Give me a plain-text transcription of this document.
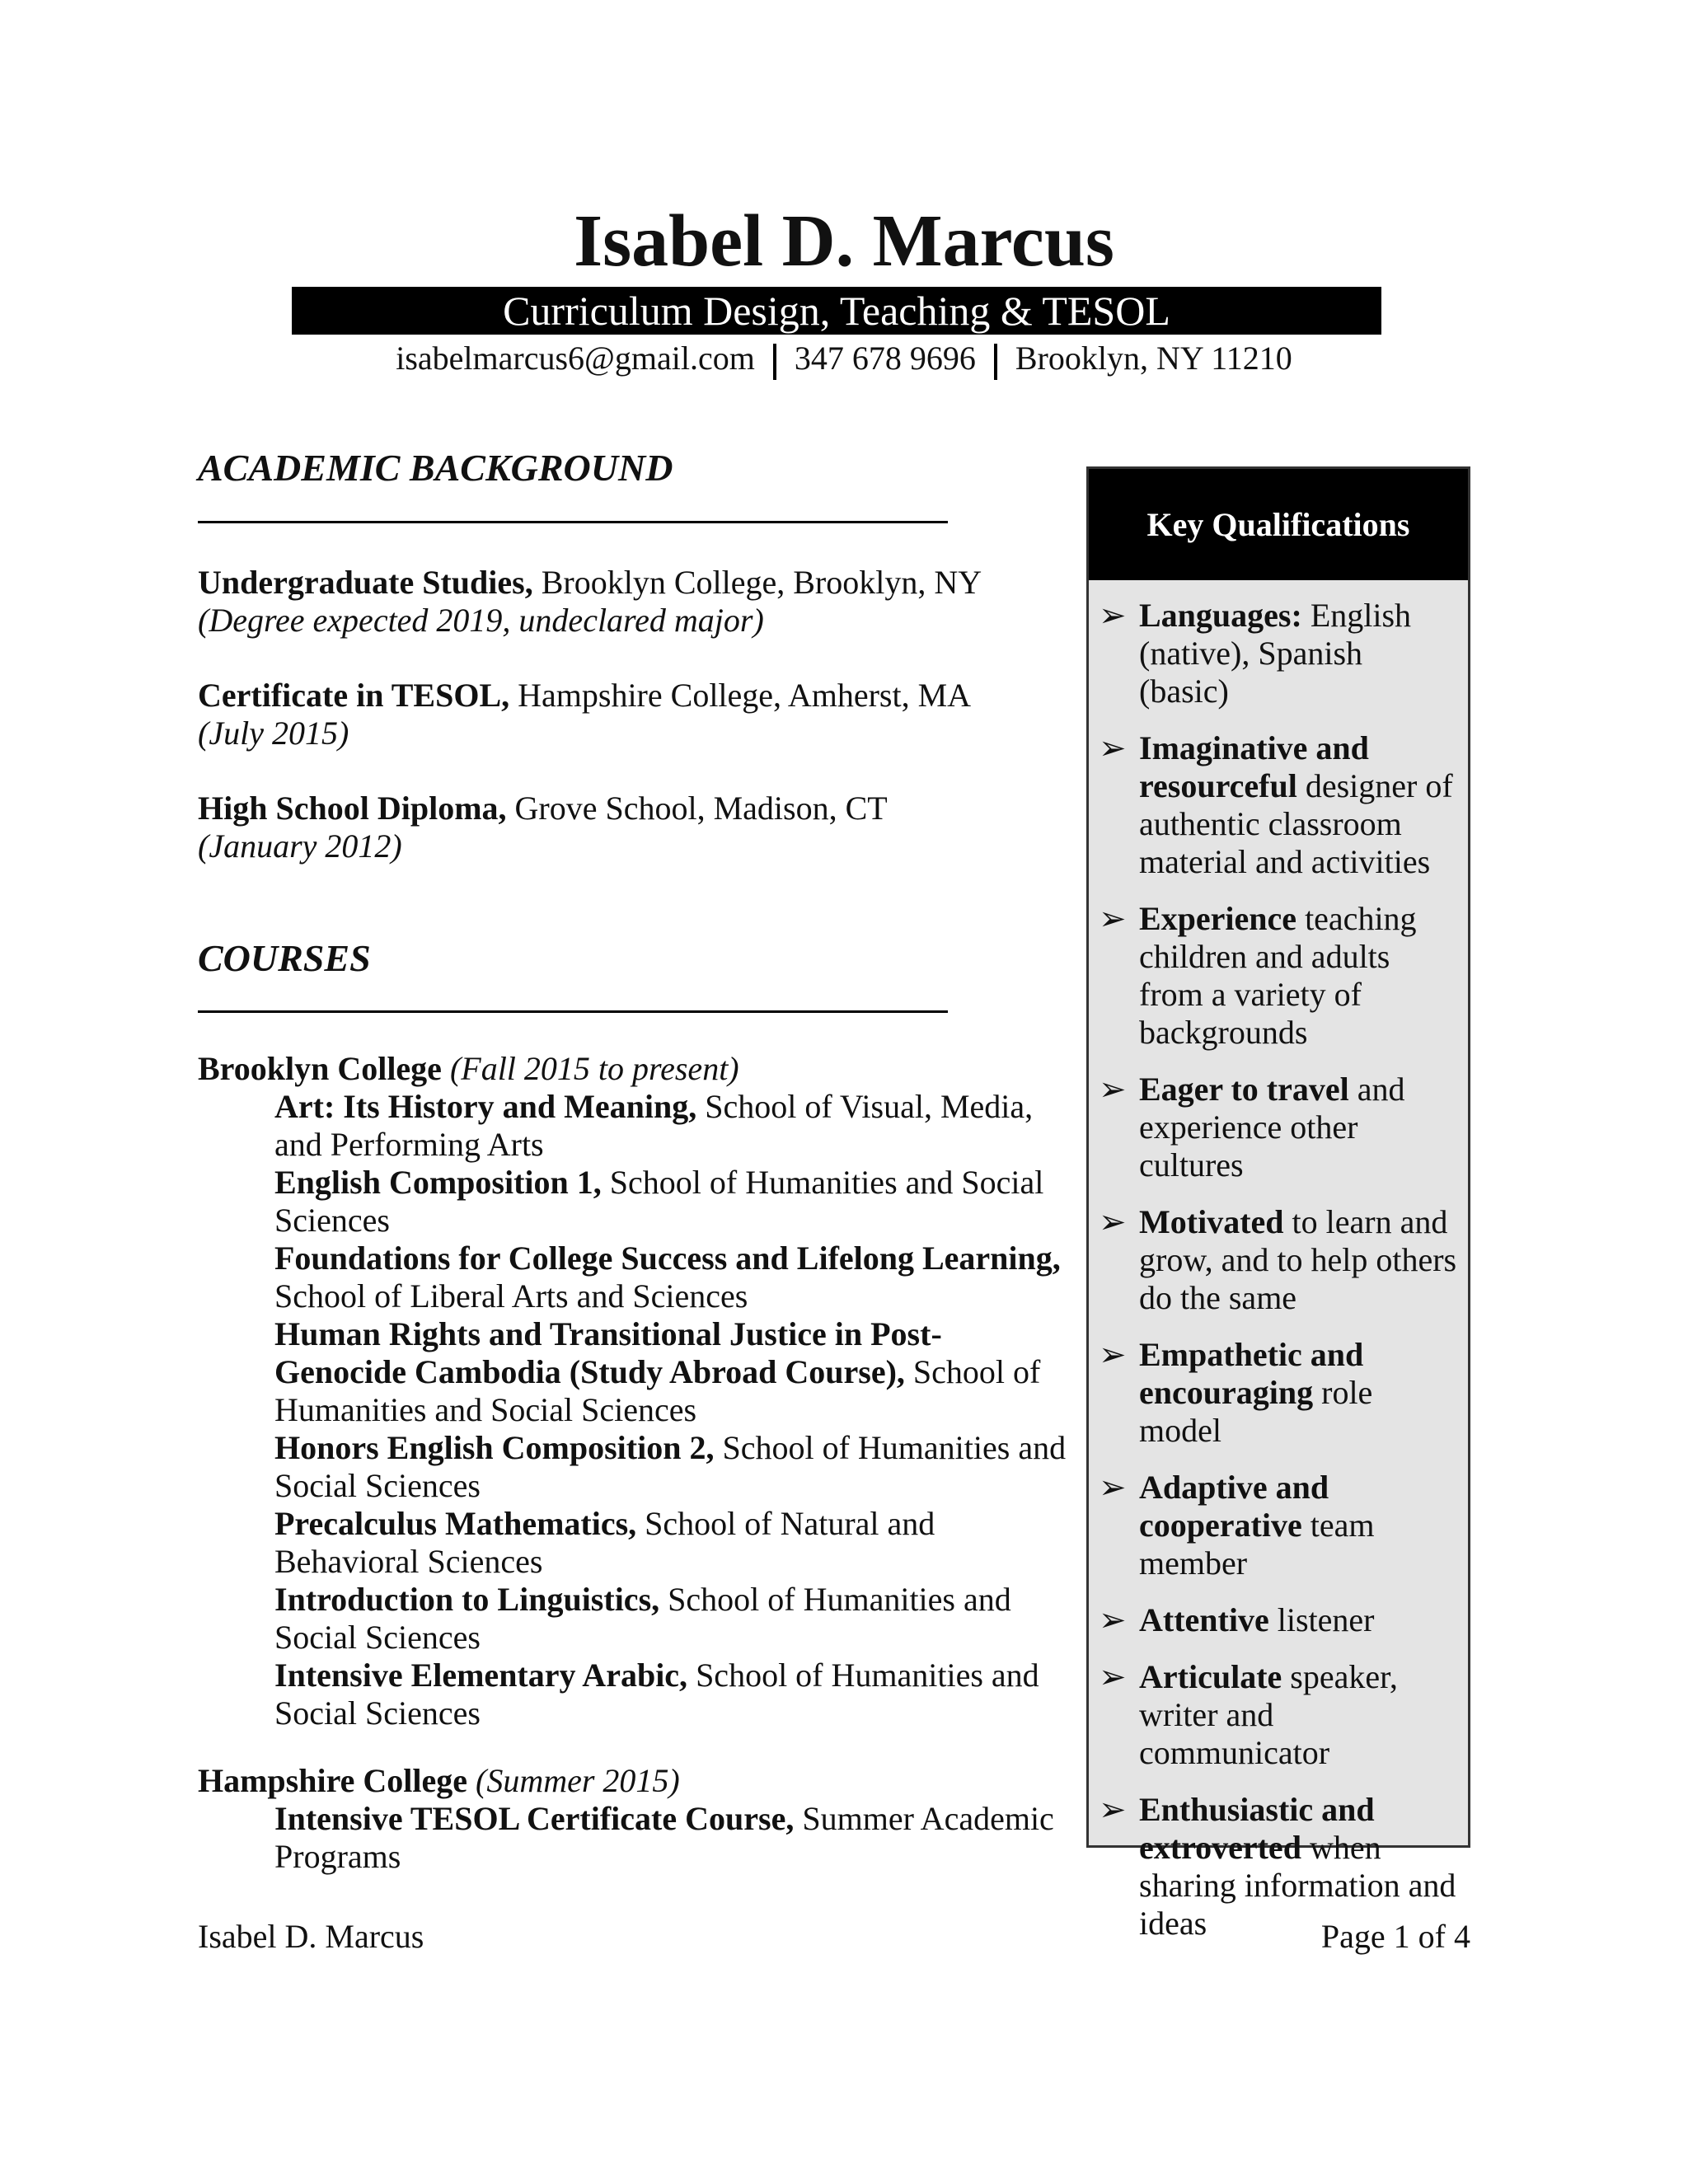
Isabel D. Marcus
Curriculum Design, Teaching & TESOL
isabelmarcus6@gmail.com 347 678 9696 Brooklyn, NY 11210
ACADEMIC BACKGROUND
Undergraduate Studies, Brooklyn College, Brooklyn, NY
(Degree expected 2019, undeclared major)
Certificate in TESOL, Hampshire College, Amherst, MA
(July 2015)
High School Diploma, Grove School, Madison, CT
(January 2012)
COURSES
Brooklyn College (Fall 2015 to present)
Art: Its History and Meaning, School of Visual, Media, and Performing Arts
English Composition 1, School of Humanities and Social Sciences
Foundations for College Success and Lifelong Learning, School of Liberal Arts and Sciences
Human Rights and Transitional Justice in Post-Genocide Cambodia (Study Abroad Course), School of Humanities and Social Sciences
Honors English Composition 2, School of Humanities and Social Sciences
Precalculus Mathematics, School of Natural and Behavioral Sciences
Introduction to Linguistics, School of Humanities and Social Sciences
Intensive Elementary Arabic, School of Humanities and Social Sciences
Hampshire College (Summer 2015)
Intensive TESOL Certificate Course, Summer Academic Programs
Key Qualifications
➢ Languages: English (native), Spanish (basic)
➢ Imaginative and resourceful designer of authentic classroom material and activities
➢ Experience teaching children and adults from a variety of backgrounds
➢ Eager to travel and experience other cultures
➢ Motivated to learn and grow, and to help others do the same
➢ Empathetic and encouraging role model
➢ Adaptive and cooperative team member
➢ Attentive listener
➢ Articulate speaker, writer and communicator
➢ Enthusiastic and extroverted when sharing information and ideas
Isabel D. Marcus	Page 1 of 4
